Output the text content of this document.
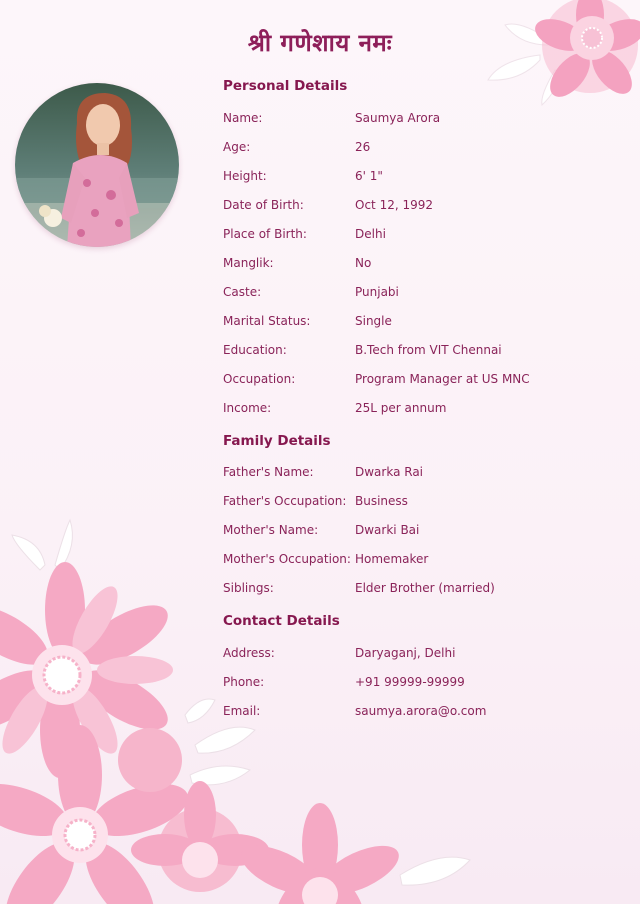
श्री गणेशाय नमः
Personal Details
Name:	Saumya Arora
Age:	26
Height:	6' 1"
Date of Birth:	Oct 12, 1992
Place of Birth:	Delhi
Manglik:	No
Caste:	Punjabi
Marital Status:	Single
Education:	B.Tech from VIT Chennai
Occupation:	Program Manager at US MNC
Income:	25L per annum
Family Details
Father's Name:	Dwarka Rai
Father's Occupation: Business
Mother's Name:	Dwarki Bai
Mother's Occupation: Homemaker
Siblings:	Elder Brother (married)
Contact Details
Address:	Daryaganj, Delhi
Phone:	+91 99999-99999
Email:	saumya.arora@o.com
